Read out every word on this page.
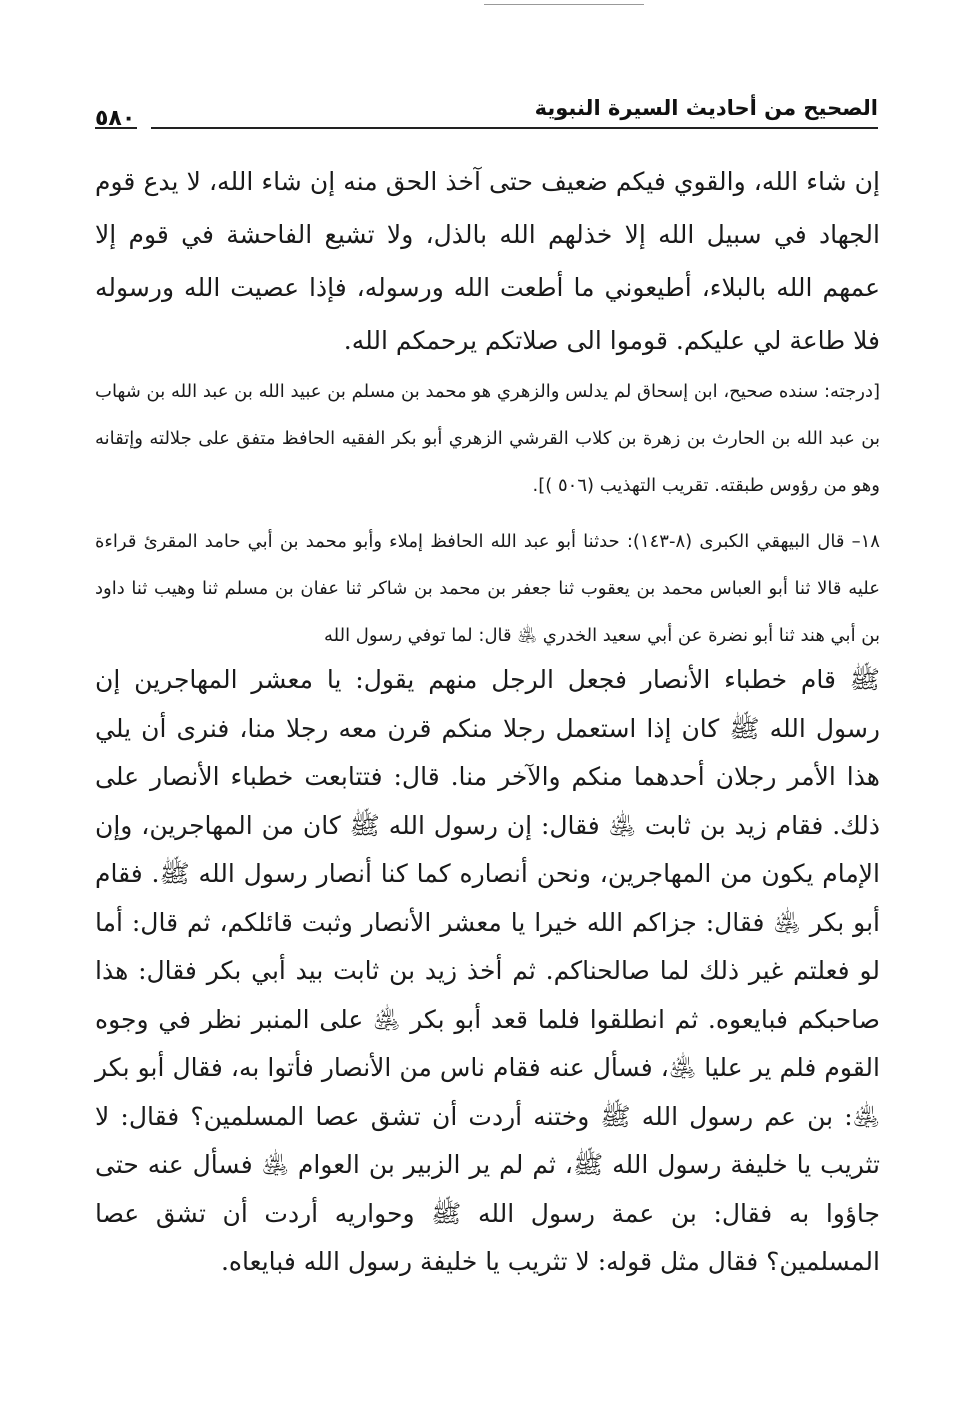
الصحيح من أحاديث السيرة النبوية
٥٨٠

إن شاء الله، والقوي فيكم ضعيف حتى آخذ الحق منه إن شاء الله، لا يدع قوم الجهاد في سبيل الله إلا خذلهم الله بالذل، ولا تشيع الفاحشة في قوم إلا عمهم الله بالبلاء، أطيعوني ما أطعت الله ورسوله، فإذا عصيت الله ورسوله فلا طاعة لي عليكم. قوموا الى صلاتكم يرحمكم الله.

[درجته: سنده صحيح، ابن إسحاق لم يدلس والزهري هو محمد بن مسلم بن عبيد الله بن عبد الله بن شهاب بن عبد الله بن الحارث بن زهرة بن كلاب القرشي الزهري أبو بكر الفقيه الحافظ متفق على جلالته وإتقانه وهو من رؤوس طبقته. تقريب التهذيب (٥٠٦ )].

١٨– قال البيهقي الكبرى (٨-١٤٣): حدثنا أبو عبد الله الحافظ إملاء وأبو محمد بن أبي حامد المقرئ قراءة عليه قالا ثنا أبو العباس محمد بن يعقوب ثنا جعفر بن محمد بن شاكر ثنا عفان بن مسلم ثنا وهيب ثنا داود بن أبي هند ثنا أبو نضرة عن أبي سعيد الخدري ﵁ قال: لما توفي رسول الله

ﷺ قام خطباء الأنصار فجعل الرجل منهم يقول: يا معشر المهاجرين إن رسول الله ﷺ كان إذا استعمل رجلا منكم قرن معه رجلا منا، فنرى أن يلي هذا الأمر رجلان أحدهما منكم والآخر منا. قال: فتتابعت خطباء الأنصار على ذلك. فقام زيد بن ثابت ﵁ فقال: إن رسول الله ﷺ كان من المهاجرين، وإن الإمام يكون من المهاجرين، ونحن أنصاره كما كنا أنصار رسول الله ﷺ. فقام أبو بكر ﵁ فقال: جزاكم الله خيرا يا معشر الأنصار وثبت قائلكم، ثم قال: أما لو فعلتم غير ذلك لما صالحناكم. ثم أخذ زيد بن ثابت بيد أبي بكر فقال: هذا صاحبكم فبايعوه. ثم انطلقوا فلما قعد أبو بكر ﵁ على المنبر نظر في وجوه القوم فلم ير عليا ﵁، فسأل عنه فقام ناس من الأنصار فأتوا به، فقال أبو بكر ﵁: بن عم رسول الله ﷺ وختنه أردت أن تشق عصا المسلمين؟ فقال: لا تثريب يا خليفة رسول الله ﷺ، ثم لم ير الزبير بن العوام ﵁ فسأل عنه حتى جاؤوا به فقال: بن عمة رسول الله ﷺ وحواريه أردت أن تشق عصا المسلمين؟ فقال مثل قوله: لا تثريب يا خليفة رسول الله فبايعاه.
